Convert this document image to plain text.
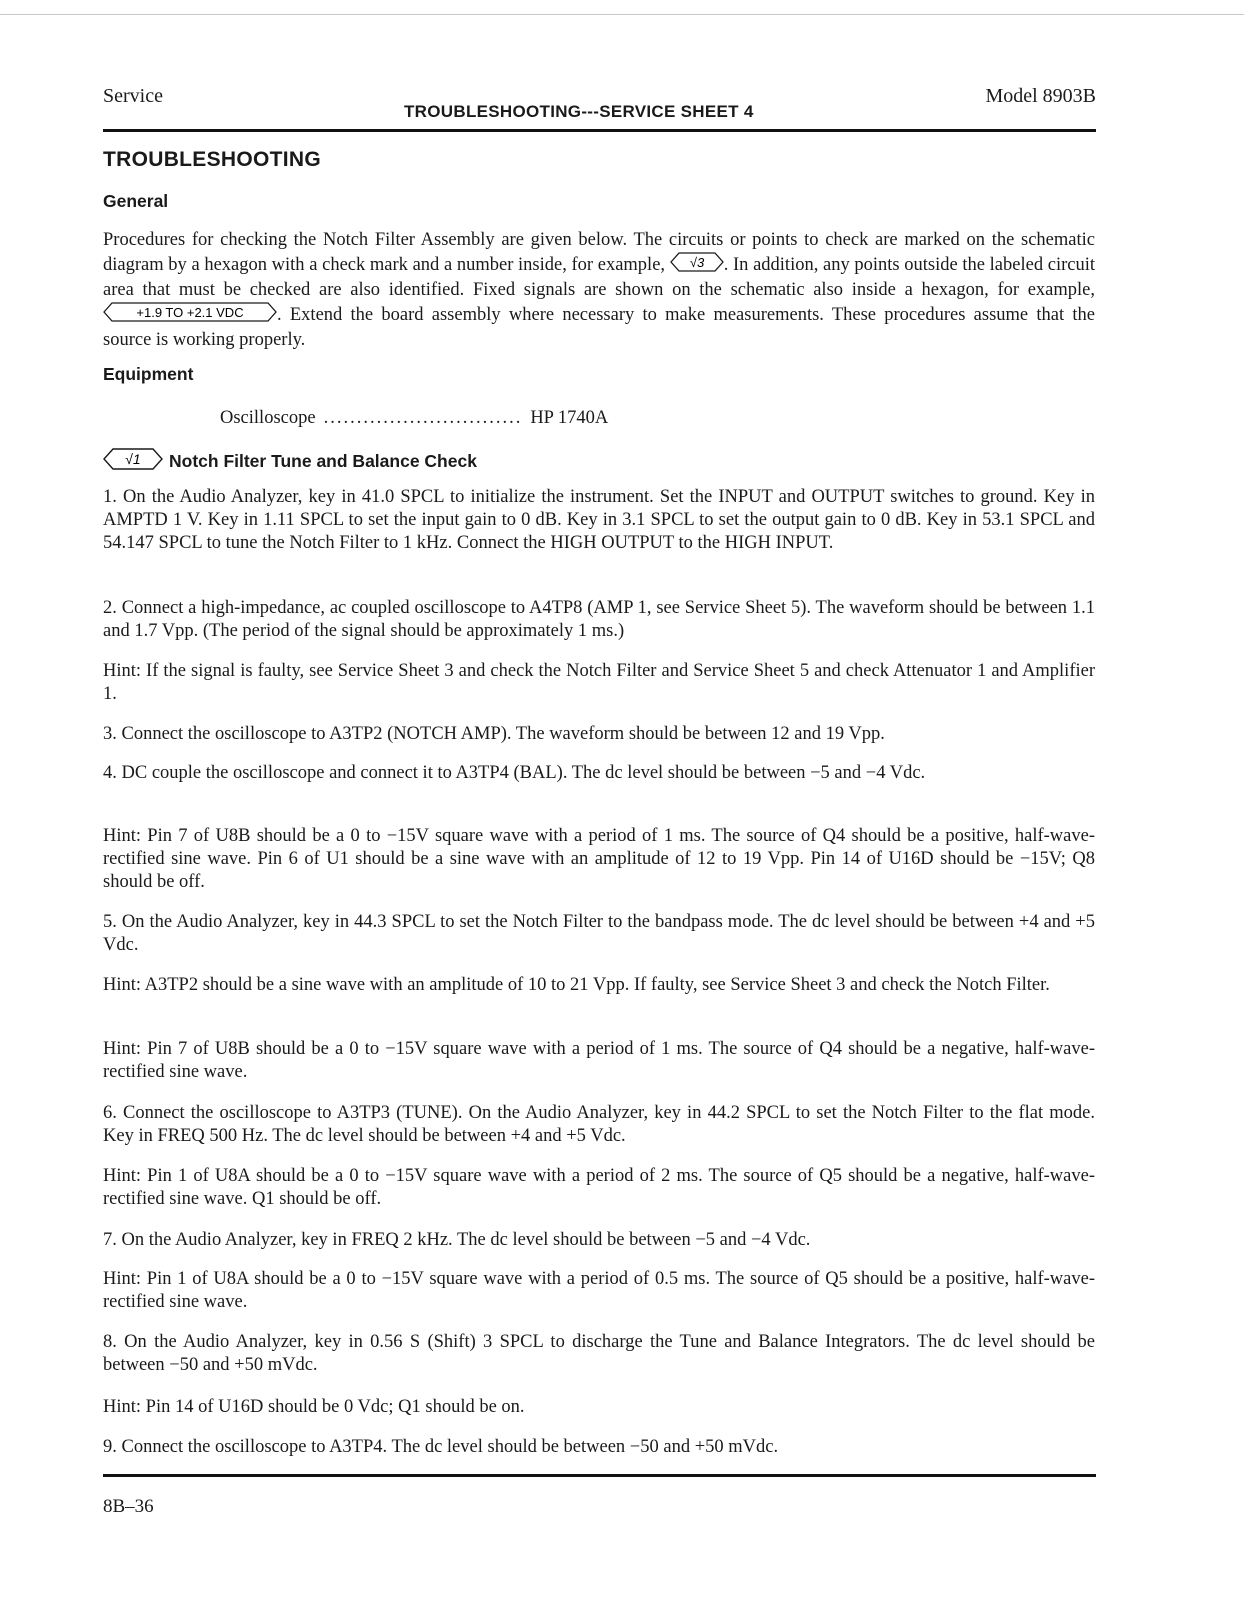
Service
TROUBLESHOOTING---SERVICE SHEET 4
Model 8903B
TROUBLESHOOTING
General
Procedures for checking the Notch Filter Assembly are given below. The circuits or points to check are marked on the schematic diagram by a hexagon with a check mark and a number inside, for example, √3 . In addition, any points outside the labeled circuit area that must be checked are also identified. Fixed signals are shown on the schematic also inside a hexagon, for example,
+1.9 TO +2.1 VDC . Extend the board assembly where necessary to make measurements. These procedures assume that the source is working properly.
Equipment
Oscilloscope .............................. HP 1740A
√1 Notch Filter Tune and Balance Check
1. On the Audio Analyzer, key in 41.0 SPCL to initialize the instrument. Set the INPUT and OUTPUT switches to ground. Key in AMPTD 1 V. Key in 1.11 SPCL to set the input gain to 0 dB. Key in 3.1 SPCL to set the output gain to 0 dB. Key in 53.1 SPCL and 54.147 SPCL to tune the Notch Filter to 1 kHz. Connect the HIGH OUTPUT to the HIGH INPUT.
2. Connect a high-impedance, ac coupled oscilloscope to A4TP8 (AMP 1, see Service Sheet 5). The waveform should be between 1.1 and 1.7 Vpp. (The period of the signal should be approximately 1 ms.)
Hint: If the signal is faulty, see Service Sheet 3 and check the Notch Filter and Service Sheet 5 and check Attenuator 1 and Amplifier 1.
3. Connect the oscilloscope to A3TP2 (NOTCH AMP). The waveform should be between 12 and 19 Vpp.
4. DC couple the oscilloscope and connect it to A3TP4 (BAL). The dc level should be between −5 and −4 Vdc.
Hint: Pin 7 of U8B should be a 0 to −15V square wave with a period of 1 ms. The source of Q4 should be a positive, half-wave-rectified sine wave. Pin 6 of U1 should be a sine wave with an amplitude of 12 to 19 Vpp. Pin 14 of U16D should be −15V; Q8 should be off.
5. On the Audio Analyzer, key in 44.3 SPCL to set the Notch Filter to the bandpass mode. The dc level should be between +4 and +5 Vdc.
Hint: A3TP2 should be a sine wave with an amplitude of 10 to 21 Vpp. If faulty, see Service Sheet 3 and check the Notch Filter.
Hint: Pin 7 of U8B should be a 0 to −15V square wave with a period of 1 ms. The source of Q4 should be a negative, half-wave-rectified sine wave.
6. Connect the oscilloscope to A3TP3 (TUNE). On the Audio Analyzer, key in 44.2 SPCL to set the Notch Filter to the flat mode. Key in FREQ 500 Hz. The dc level should be between +4 and +5 Vdc.
Hint: Pin 1 of U8A should be a 0 to −15V square wave with a period of 2 ms. The source of Q5 should be a negative, half-wave-rectified sine wave. Q1 should be off.
7. On the Audio Analyzer, key in FREQ 2 kHz. The dc level should be between −5 and −4 Vdc.
Hint: Pin 1 of U8A should be a 0 to −15V square wave with a period of 0.5 ms. The source of Q5 should be a positive, half-wave-rectified sine wave.
8. On the Audio Analyzer, key in 0.56 S (Shift) 3 SPCL to discharge the Tune and Balance Integrators. The dc level should be between −50 and +50 mVdc.
Hint: Pin 14 of U16D should be 0 Vdc; Q1 should be on.
9. Connect the oscilloscope to A3TP4. The dc level should be between −50 and +50 mVdc.
8B–36
